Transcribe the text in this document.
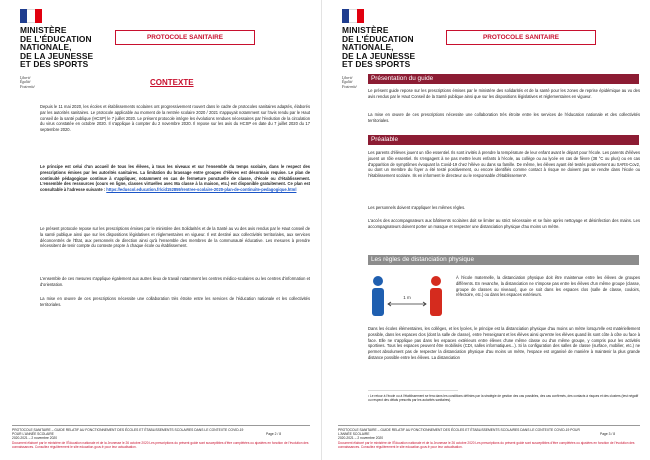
MINISTÈRE
DE L'ÉDUCATION
NATIONALE,
DE LA JEUNESSE
ET DES SPORTS
Liberté
Égalité
Fraternité
PROTOCOLE SANITAIRE
CONTEXTE
Depuis le 11 mai 2020, les écoles et établissements scolaires ont progressivement rouvert dans le cadre de protocoles sanitaires adaptés, élaborés par les autorités sanitaires. Le protocole applicable au moment de la rentrée scolaire 2020 / 2021 s'appuyait notamment sur l'avis rendu par le Haut conseil de la santé publique (HCSP) le 7 juillet 2020. Le présent protocole intègre les évolutions rendues nécessaires par l'évolution de la circulation du virus constatée en octobre 2020. Il s'applique à compter du 2 novembre 2020. Il repose sur les avis du HCSP en date du 7 juillet 2020 du 17 septembre 2020.
Le principe est celui d'un accueil de tous les élèves, à tous les niveaux et sur l'ensemble du temps scolaire, dans le respect des prescriptions émises par les autorités sanitaires. La limitation du brassage entre groupes d'élèves est désormais requise. Le plan de continuité pédagogique continue à s'appliquer, notamment en cas de fermeture ponctuelle de classe, d'école ou d'établissement. L'ensemble des ressources (cours en ligne, classes virtuelles avec Ma classe à la maison, etc.) est disponible gratuitement. Ce plan est consultable à l'adresse suivante : https://eduscol.education.fr/cid152859/rentree-scolaire-2020-plan-de-continuite-pedagogique.html
Le présent protocole repose sur les prescriptions émises par le ministère des Solidarités et de la Santé au vu des avis rendus par le Haut conseil de la santé publique ainsi que sur les dispositions législatives et réglementaires en vigueur. Il est destiné aux collectivités territoriales, aux services déconcentrés de l'État, aux personnels de direction ainsi qu'à l'ensemble des membres de la communauté éducative. Les mesures à prendre nécessitent de tenir compte du contexte propre à chaque école ou établissement.
L'ensemble de ces mesures s'applique également aux autres lieux de travail notamment les centres médico-scolaires ou les centres d'information et d'orientation.
La mise en œuvre de ces prescriptions nécessite une collaboration très étroite entre les services de l'éducation nationale et les collectivités territoriales.
PROTOCOLE SANITAIRE – GUIDE RELATIF AU FONCTIONNEMENT DES ÉCOLES ET ÉTABLISSEMENTS SCOLAIRES DANS LE CONTEXTE COVID-19 POUR L'ANNÉE SCOLAIRE
2020-2021 – 2 novembre 2020
Page 2 / 8
Document élaboré par le ministère de l'Éducation nationale et de la Jeunesse le 26 octobre 2020 Les prescriptions du présent guide sont susceptibles d'être complétées ou ajustées en fonction de l'évolution des connaissances. Consultez régulièrement le site education.gouv.fr pour leur actualisation.
MINISTÈRE
DE L'ÉDUCATION
NATIONALE,
DE LA JEUNESSE
ET DES SPORTS
Liberté
Égalité
Fraternité
PROTOCOLE SANITAIRE
Présentation du guide
Le présent guide repose sur les prescriptions émises par le ministère des solidarités et de la santé pour les zones de reprise épidémique au vu des avis rendus par le Haut Conseil de la Santé publique ainsi que sur les dispositions législatives et réglementaires en vigueur.
La mise en œuvre de ces prescriptions nécessite une collaboration très étroite entre les services de l'éducation nationale et des collectivités territoriales.
Préalable
Les parents d'élèves jouent un rôle essentiel. Ils sont invités à prendre la température de leur enfant avant le départ pour l'école. Les parents d'élèves jouent un rôle essentiel. Ils s'engagent à ne pas mettre leurs enfants à l'école, au collège ou au lycée en cas de fièvre (38 °C ou plus) ou en cas d'apparition de symptômes évoquant la Covid-19 chez l'élève ou dans sa famille. De même, les élèves ayant été testés positivement au SARS-Cov2, ou dont un membre du foyer a été testé positivement, ou encore identifiés comme contact à risque ne doivent pas se rendre dans l'école ou l'établissement scolaire. Ils en informent le directeur ou le responsable d'établissement¹.
Les personnels doivent s'appliquer les mêmes règles.
L'accès des accompagnateurs aux bâtiments scolaires doit se limiter au strict nécessaire et se faire après nettoyage et désinfection des mains. Les accompagnateurs doivent porter un masque et respecter une distanciation physique d'au moins un mètre.
Les règles de distanciation physique
1 m
À l'école maternelle, la distanciation physique doit être maintenue entre les élèves de groupes différents. En revanche, la distanciation ne s'impose pas entre les élèves d'un même groupe (classe, groupe de classes ou niveaux), que ce soit dans les espaces clos (salle de classe, couloirs, réfectoire, etc.) ou dans les espaces extérieurs.
Dans les écoles élémentaires, les collèges, et les lycées, le principe est la distanciation physique d'au moins un mètre lorsqu'elle est matériellement possible, dans les espaces clos (dont la salle de classe), entre l'enseignant et les élèves ainsi qu'entre les élèves quand ils sont côte à côte ou face à face. Elle ne s'applique pas dans les espaces extérieurs entre élèves d'une même classe ou d'un même groupe, y compris pour les activités sportives. Tous les espaces peuvent être mobilisés (CDI, salles informatiques...). Si la configuration des salles de classe (surface, mobilier, etc.) ne permet absolument pas de respecter la distanciation physique d'au moins un mètre, l'espace est organisé de manière à maintenir la plus grande distance possible entre les élèves. La distanciation
¹ Le retour à l'école ou à l'établissement se fera dans les conditions définies par la stratégie de gestion des cas possibles, des cas confirmés, des contacts à risques et des clusters (test négatif ou respect des délais prescrits par les autorités sanitaires).
PROTOCOLE SANITAIRE – GUIDE RELATIF AU FONCTIONNEMENT DES ÉCOLES ET ÉTABLISSEMENTS SCOLAIRES DANS LE CONTEXTE COVID-19 POUR L'ANNÉE SCOLAIRE
2020-2021 – 2 novembre 2020
Page 3 / 8
Document élaboré par le ministère de l'Éducation nationale et de la Jeunesse le 26 octobre 2020 Les prescriptions du présent guide sont susceptibles d'être complétées ou ajustées en fonction de l'évolution des connaissances. Consultez régulièrement le site education.gouv.fr pour leur actualisation.
